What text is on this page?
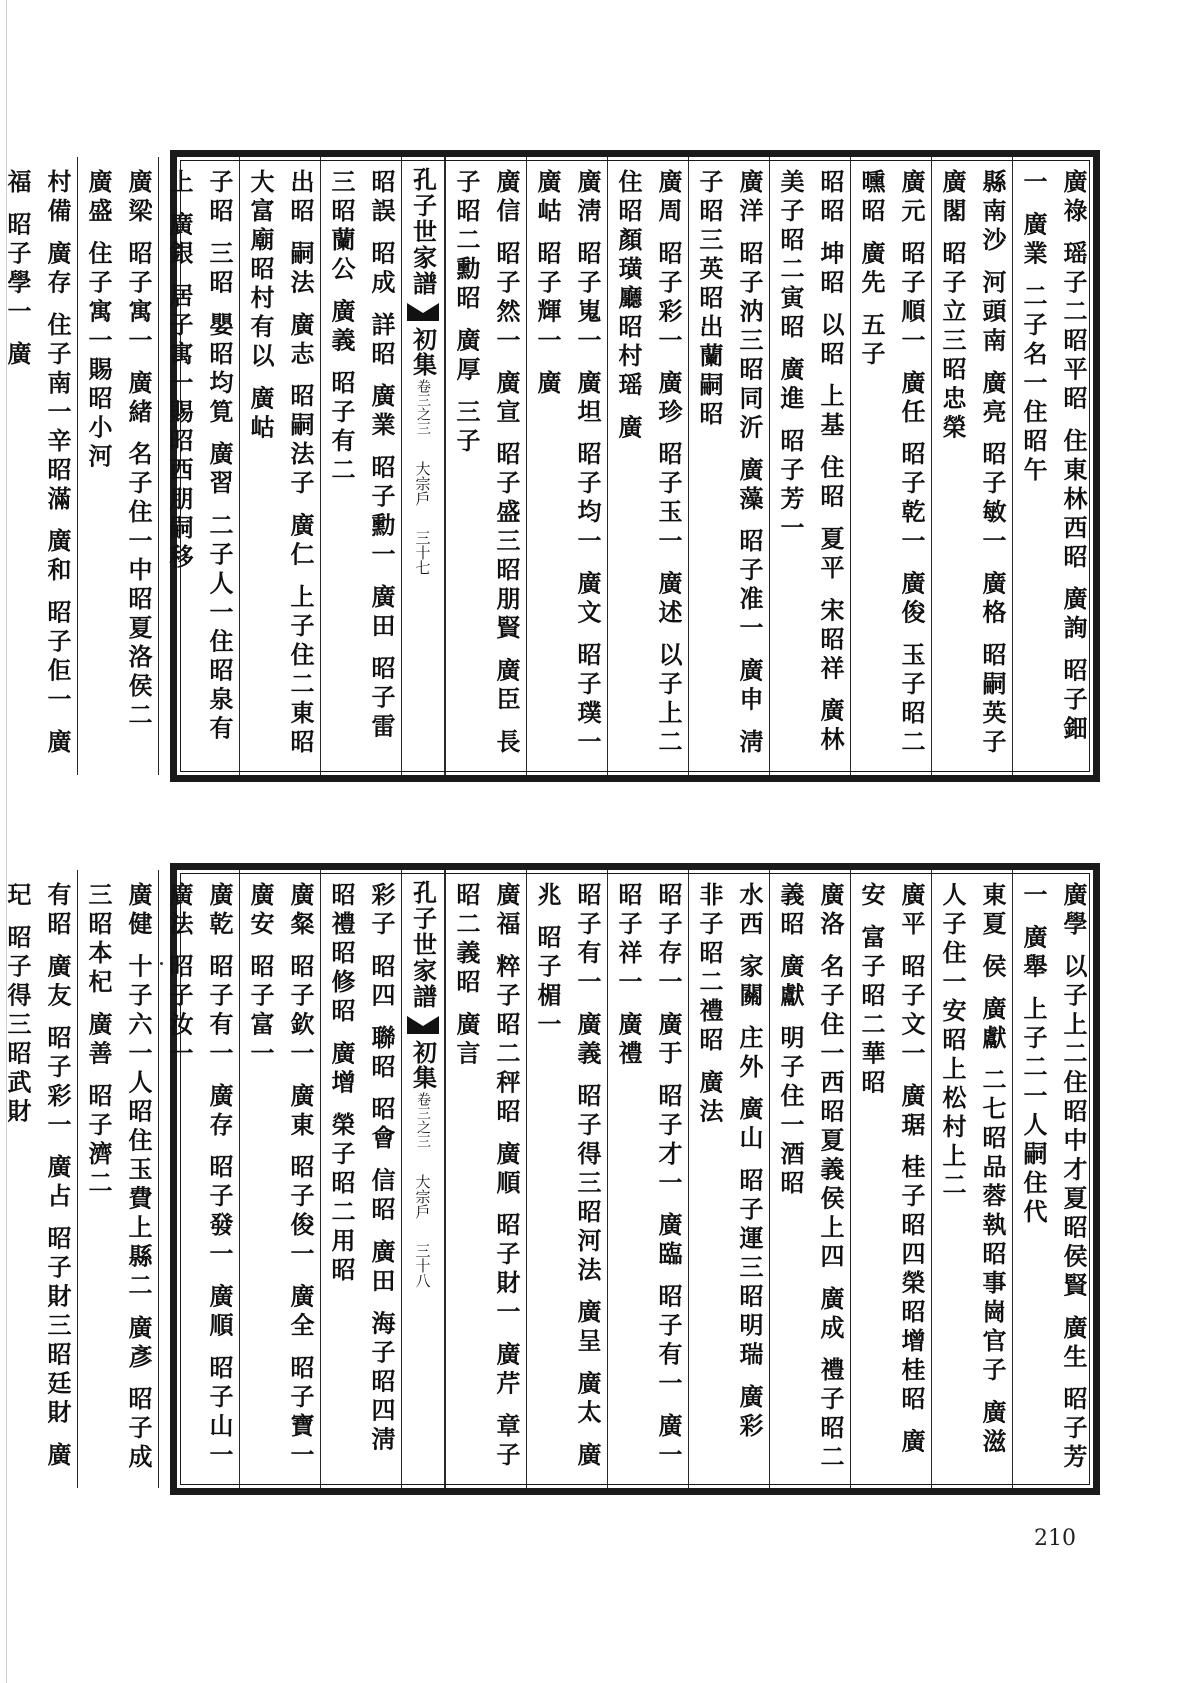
廣祿 瑶子二昭平昭 住東林西昭 廣詢 昭子鈿一 廣業 二子名一住昭午
縣南沙 河頭南 廣亮 昭子敏一 廣格 昭嗣英子 廣閣 昭子立三昭忠榮
廣元 昭子順一 廣任 昭子乾一 廣俊 玉子昭二曛昭 廣先 五子
昭昭 坤昭 以昭 上基 住昭 夏平 宋昭祥 廣林 美子昭二寅昭 廣進 昭子芳一
廣洋 昭子汭三昭同沂 廣藻 昭子准一 廣申 淸子昭三英昭出蘭嗣昭
廣周 昭子彩一 廣珍 昭子玉一 廣述 以子上二住昭顏璜廳昭村瑶 廣
廣淸 昭子嵬一 廣坦 昭子均一 廣文 昭子璞一 廣岵 昭子輝一 廣
廣信 昭子然一 廣宣 昭子盛三昭朋賢 廣臣 長子昭二勳昭 廣厚 三子
孔子世家譜
初集
卷三之三
大宗戶
三十七
昭誤 昭成 詳昭 廣業 昭子勳一 廣田 昭子雷三昭蘭公 廣義 昭子有二
出昭 嗣法 廣志 昭嗣法子 廣仁 上子住二東昭大富廟昭村有以 廣岵
子昭 三昭 嬰昭均筧 廣習 二子人一住昭泉有上 廣銀 居子寓一賜昭西朋嗣移
廣梁 昭子寓一 廣緒 名子住一中昭夏洛侯二 廣盛 住子寓一賜昭小河
村備 廣存 住子南一辛昭滿 廣和 昭子佢一 廣福 昭子學一 廣
廣學 以子上二住昭中才夏昭侯賢 廣生 昭子芳一 廣舉 上子二一人嗣住代
東夏 侯 廣獻 二七昭品蓉執昭事崗官子 廣滋 人子住一安昭上松村上二
廣平 昭子文一 廣琚 桂子昭四榮昭增桂昭 廣安 富子昭二華昭
廣洛 名子住一西昭夏義侯上四 廣成 禮子昭二義昭 廣獻 明子住一酒昭
水西 家關 庄外 廣山 昭子運三昭明瑞 廣彩 非子昭二禮昭 廣法
昭子存一 廣于 昭子才一 廣臨 昭子有一 廣一 昭子祥一 廣禮
昭子有一 廣義 昭子得三昭河法 廣呈 廣太 廣兆 昭子楣一
廣福 粹子昭二秤昭 廣順 昭子財一 廣芹 章子昭二義昭 廣言
孔子世家譜
初集
卷三之三
大宗戶
三十八
彩子 昭四 聯昭 昭會 信昭 廣田 海子昭四淸昭禮昭修昭 廣增 榮子昭二用昭
廣粲 昭子欽一 廣東 昭子俊一 廣全 昭子寶一 廣安 昭子富一
廣乾 昭子有一 廣存 昭子發一 廣順 昭子山一 廣法 昭子汝一
廣健 十子六一人昭住玉費上縣二 廣彥 昭子成三昭本杞 廣善 昭子濟二
有昭 廣友 昭子彩一 廣占 昭子財三昭廷財 廣玘 昭子得三昭武財
210
